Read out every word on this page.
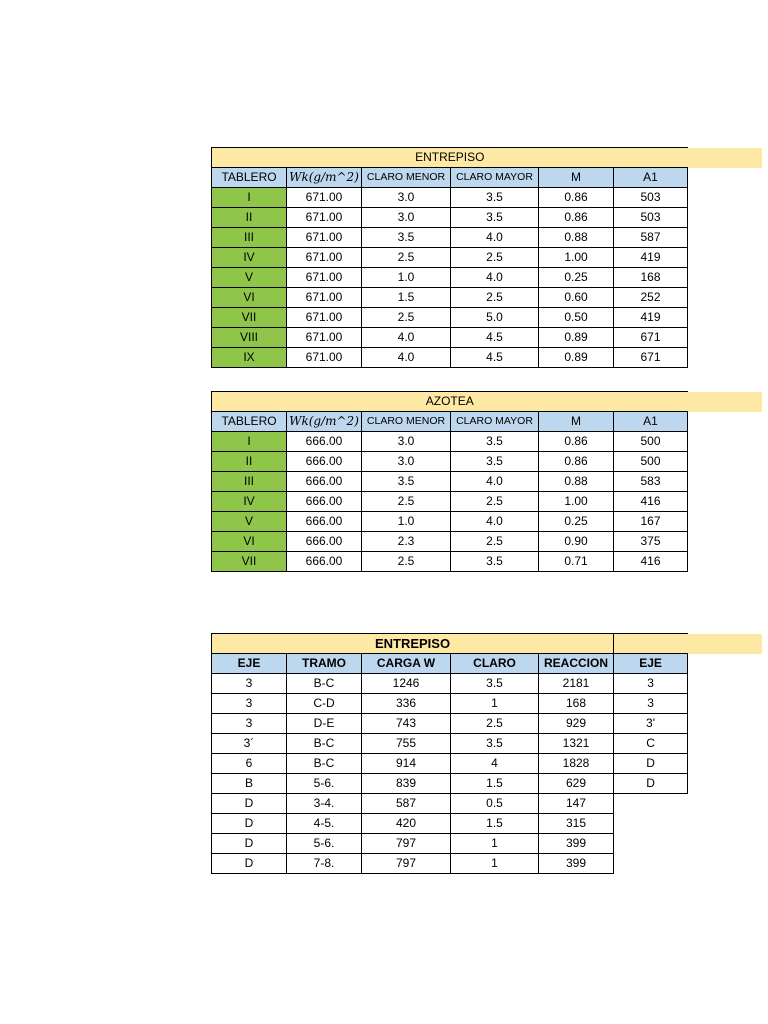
ENTREPISO					
TABLERO	Wk(g/m^2)	CLARO MENOR	CLARO MAYOR	M	A1
I	671.00	3.0	3.5	0.86	503
II	671.00	3.0	3.5	0.86	503
III	671.00	3.5	4.0	0.88	587
IV	671.00	2.5	2.5	1.00	419
V	671.00	1.0	4.0	0.25	168
VI	671.00	1.5	2.5	0.60	252
VII	671.00	2.5	5.0	0.50	419
VIII	671.00	4.0	4.5	0.89	671
IX	671.00	4.0	4.5	0.89	671
AZOTEA					
TABLERO	Wk(g/m^2)	CLARO MENOR	CLARO MAYOR	M	A1
I	666.00	3.0	3.5	0.86	500
II	666.00	3.0	3.5	0.86	500
III	666.00	3.5	4.0	0.88	583
IV	666.00	2.5	2.5	1.00	416
V	666.00	1.0	4.0	0.25	167
VI	666.00	2.3	2.5	0.90	375
VII	666.00	2.5	3.5	0.71	416
ENTREPISO					
EJE	TRAMO	CARGA W	CLARO	REACCION	EJE
3	B-C	1246	3.5	2181	3
3	C-D	336	1	168	3
3	D-E	743	2.5	929	3'
3´	B-C	755	3.5	1321	C
6	B-C	914	4	1828	D
B	5-6.	839	1.5	629	D
D	3-4.	587	0.5	147	
D	4-5.	420	1.5	315	
D	5-6.	797	1	399	
D	7-8.	797	1	399	
